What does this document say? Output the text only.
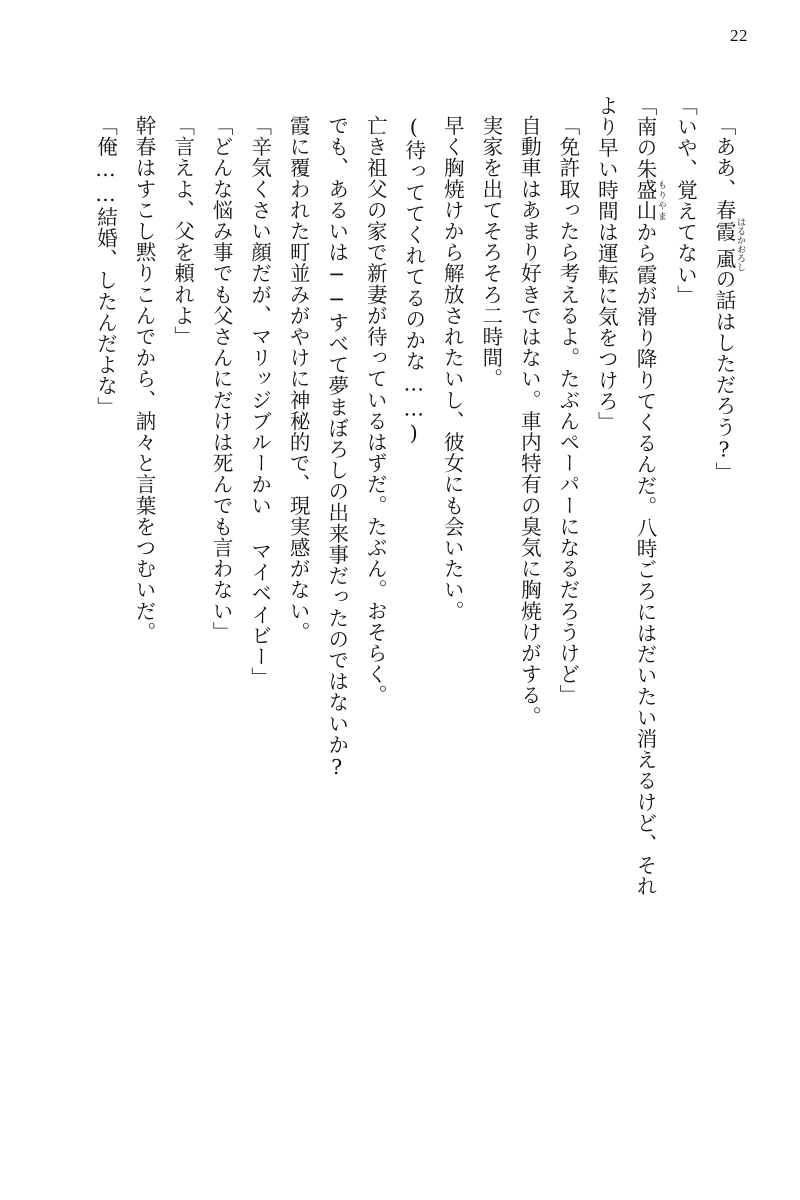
22
「ああ、春霞 はるか颪 おろしの話はしただろう?」
「いや、覚えてない」
「南の朱盛山 もりやまから霞が滑り降りてくるんだ。八時ごろにはだいたい消えるけど、それ
より早い時間は運転に気をつけろ」
「免許取ったら考えるよ。たぶんペーパーになるだろうけど」
自動車はあまり好きではない。車内特有の臭気に胸焼けがする。
実家を出てそろそろ二時間。
早く胸焼けから解放されたいし、彼女にも会いたい。
(待っててくれてるのかな……)
亡き祖父の家で新妻が待っているはずだ。たぶん。おそらく。
でも、あるいは──すべて夢まぼろしの出来事だったのではないか?
霞に覆われた町並みがやけに神秘的で、現実感がない。
「辛気くさい顔だが、マリッジブルーかい マイベイビー」
「どんな悩み事でも父さんにだけは死んでも言わない」
「言えよ、父を頼れよ」
幹春はすこし黙りこんでから、訥々と言葉をつむいだ。
「俺……結婚、したんだよな」
